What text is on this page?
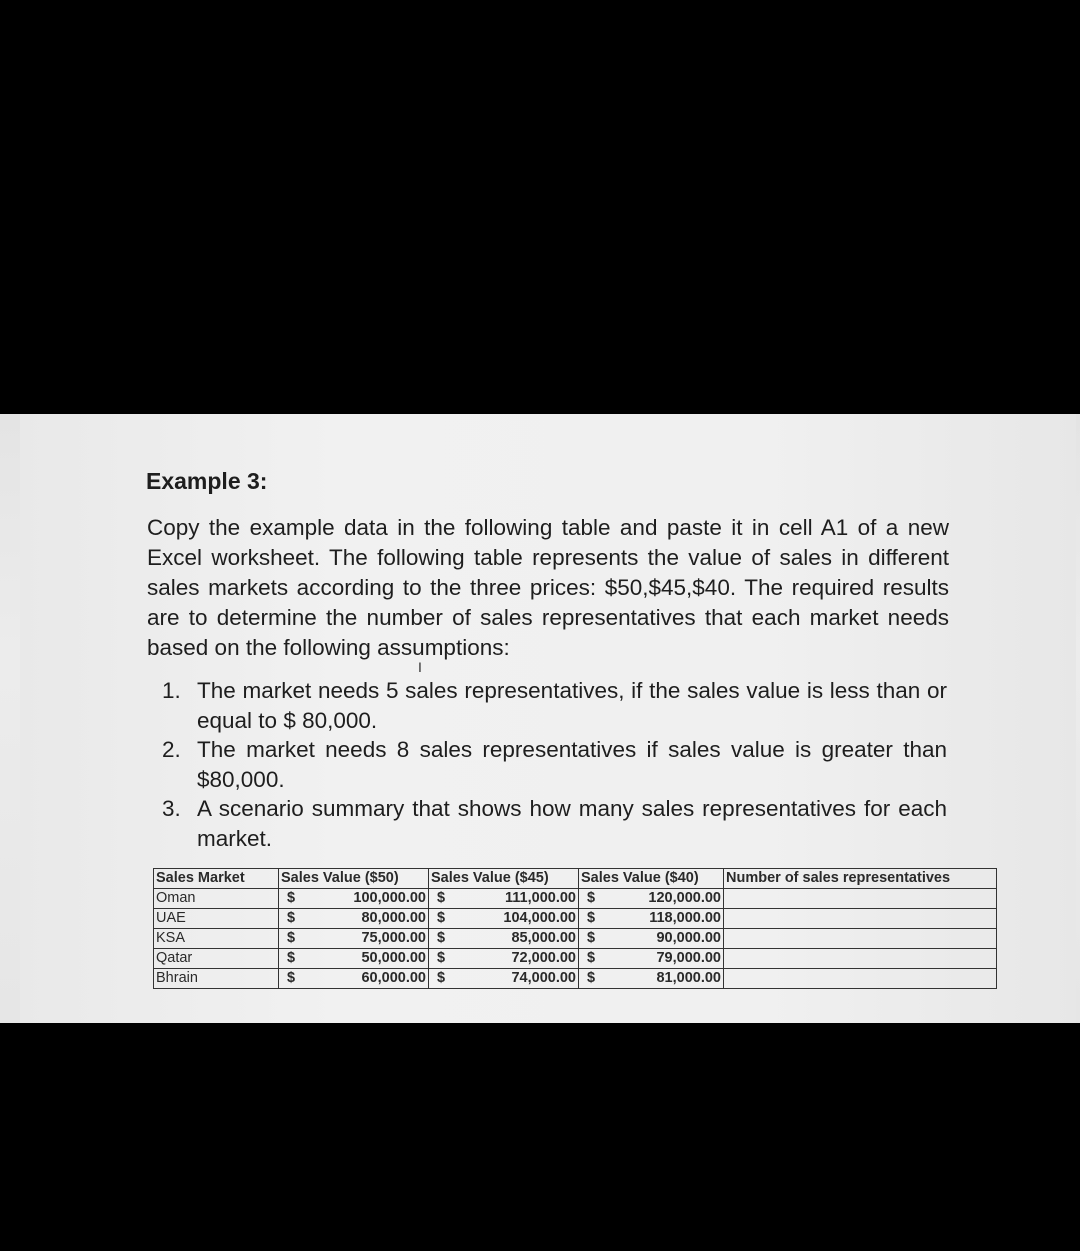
Example 3:
Copy the example data in the following table and paste it in cell A1 of a new Excel worksheet. The following table represents the value of sales in different sales markets according to the three prices: $50,$45,$40. The required results are to determine the number of sales representatives that each market needs based on the following assumptions:
I
1. The market needs 5 sales representatives, if the sales value is less than or equal to $ 80,000.
2. The market needs 8 sales representatives if sales value is greater than $80,000.
3. A scenario summary that shows how many sales representatives for each market.
Sales Market	Sales Value ($50)	Sales Value ($45)	Sales Value ($40)	Number of sales representatives
Oman	$ 100,000.00	$ 111,000.00	$ 120,000.00	

UAE	$ 80,000.00	$ 104,000.00	$ 118,000.00	

KSA	$ 75,000.00	$ 85,000.00	$ 90,000.00	

Qatar	$ 50,000.00	$ 72,000.00	$ 79,000.00	

Bhrain	$ 60,000.00	$ 74,000.00	$ 81,000.00	
